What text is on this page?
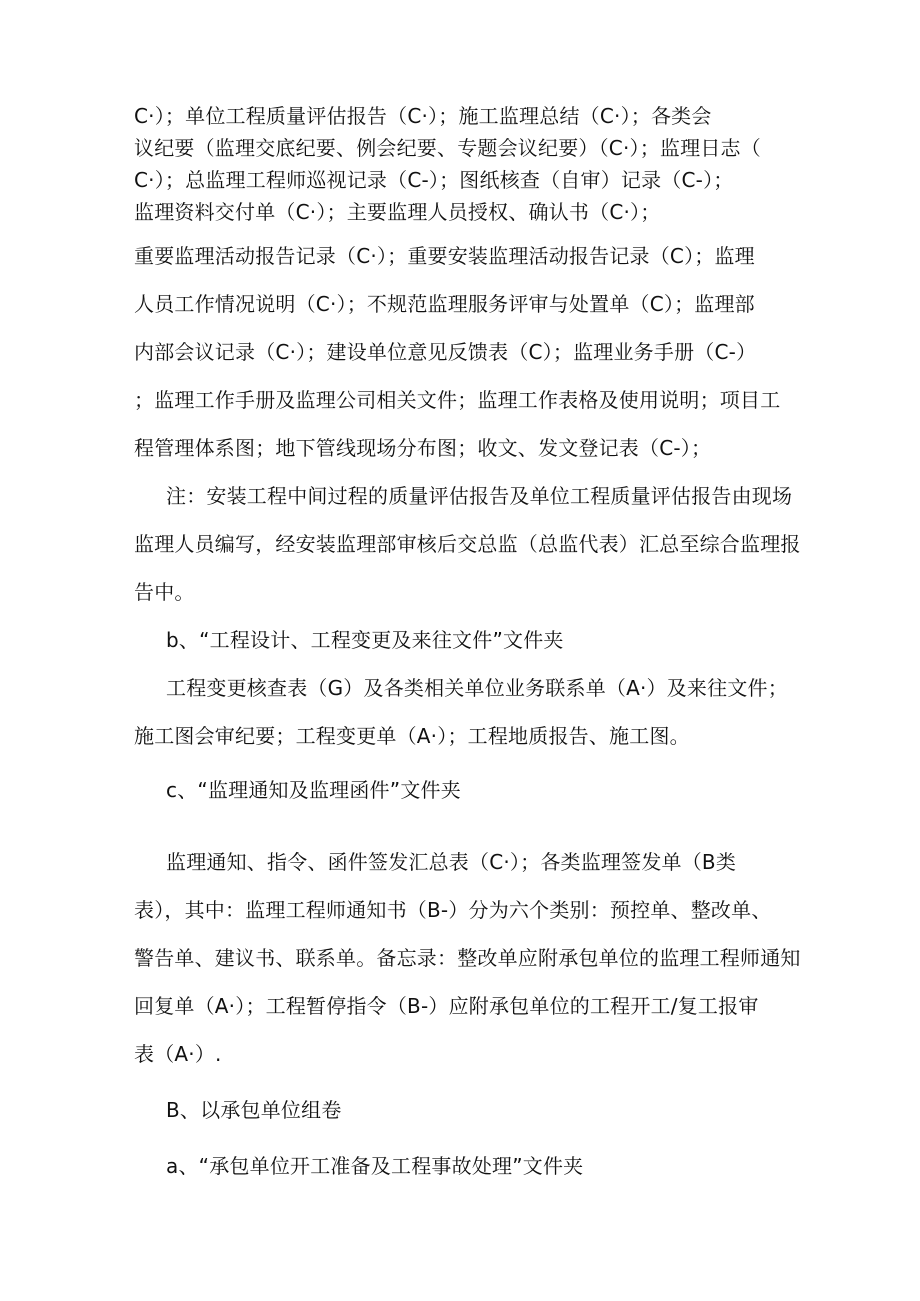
C·）；单位工程质量评估报告（C·）；施工监理总结（C·）；各类会
议纪要（监理交底纪要、例会纪要、专题会议纪要）（C·）；监理日志（
C·）；总监理工程师巡视记录（C-）；图纸核查（自审）记录（C-）；
监理资料交付单（C·）；主要监理人员授权、确认书（C·）；
重要监理活动报告记录（C·）；重要安装监理活动报告记录（C）；监理
人员工作情况说明（C·）；不规范监理服务评审与处置单（C）；监理部
内部会议记录（C·）；建设单位意见反馈表（C）；监理业务手册（C-）
；监理工作手册及监理公司相关文件；监理工作表格及使用说明；项目工
程管理体系图；地下管线现场分布图；收文、发文登记表（C-）；
注：安装工程中间过程的质量评估报告及单位工程质量评估报告由现场
监理人员编写，经安装监理部审核后交总监（总监代表）汇总至综合监理报
告中。
b、“工程设计、工程变更及来往文件”文件夹
工程变更核查表（G）及各类相关单位业务联系单（A·）及来往文件；
施工图会审纪要；工程变更单（A·）；工程地质报告、施工图。
c、“监理通知及监理函件”文件夹
监理通知、指令、函件签发汇总表（C·）；各类监理签发单（B类
表），其中：监理工程师通知书（B-）分为六个类别：预控单、整改单、
警告单、建议书、联系单。备忘录：整改单应附承包单位的监理工程师通知
回复单（A·）；工程暂停指令（B-）应附承包单位的工程开工/复工报审
表（A·）.
B、以承包单位组卷
a、“承包单位开工准备及工程事故处理”文件夹
